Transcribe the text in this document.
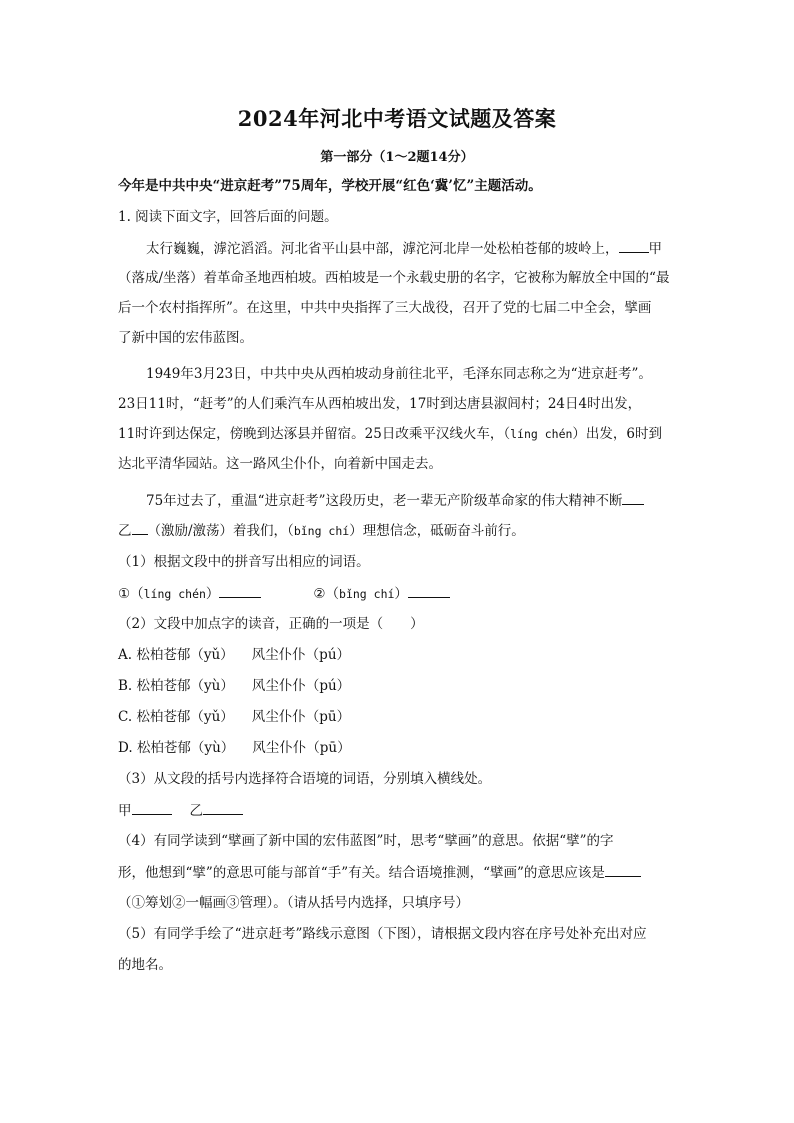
2024年河北中考语文试题及答案
第一部分（1～2题14分）
今年是中共中央“进京赶考”75周年，学校开展“红色‘冀’忆”主题活动。
1. 阅读下面文字，回答后面的问题。
太行巍巍，滹沱滔滔。河北省平山县中部，滹沱河北岸一处松柏苍郁的坡岭上， 甲
（落成/坐落）着革命圣地西柏坡。西柏坡是一个永载史册的名字，它被称为解放全中国的“最
后一个农村指挥所”。在这里，中共中央指挥了三大战役，召开了党的七届二中全会，擘画
了新中国的宏伟蓝图。
1949年3月23日，中共中央从西柏坡动身前往北平，毛泽东同志称之为“进京赶考”。
23日11时，“赶考”的人们乘汽车从西柏坡出发，17时到达唐县淑闾村；24日4时出发，
11时许到达保定，傍晚到达涿县并留宿。25日改乘平汉线火车，（líng chén）出发，6时到
达北平清华园站。这一路风尘仆仆，向着新中国走去。
75年过去了，重温“进京赶考”这段历史，老一辈无产阶级革命家的伟大精神不断
乙 （激励/激荡）着我们，（bǐng chí）理想信念，砥砺奋斗前行。
（1）根据文段中的拼音写出相应的词语。
①（líng chén）	②（bǐng chí）
（2）文段中加点字的读音，正确的一项是（　　）
A. 松柏苍郁（yǔ） 风尘仆仆（pú）
B. 松柏苍郁（yù） 风尘仆仆（pú）
C. 松柏苍郁（yǔ） 风尘仆仆（pū）
D. 松柏苍郁（yù） 风尘仆仆（pū）
（3）从文段的括号内选择符合语境的词语，分别填入横线处。
甲	乙
（4）有同学读到“擘画了新中国的宏伟蓝图”时，思考“擘画”的意思。依据“擘”的字
形，他想到“擘”的意思可能与部首“手”有关。结合语境推测，“擘画”的意思应该是
（①筹划②一幅画③管理）。（请从括号内选择，只填序号）
（5）有同学手绘了“进京赶考”路线示意图（下图），请根据文段内容在序号处补充出对应
的地名。
